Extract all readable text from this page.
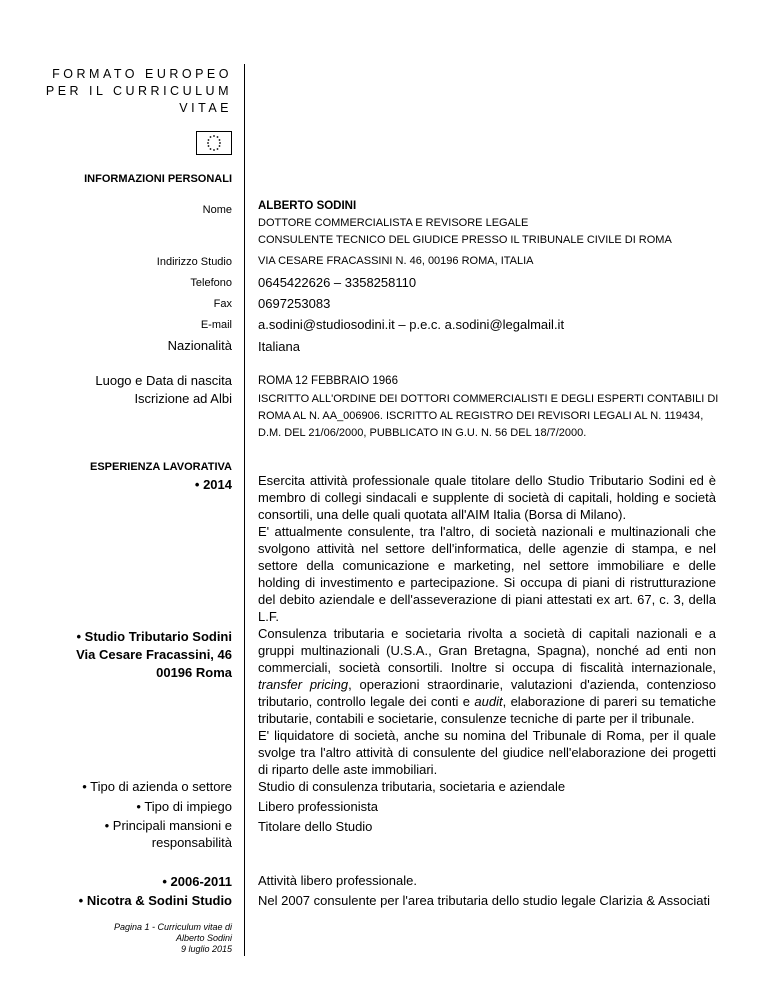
FORMATO EUROPEO
PER IL CURRICULUM
VITAE
INFORMAZIONI PERSONALI
Nome ALBERTO SODINI
DOTTORE COMMERCIALISTA E REVISORE LEGALE
CONSULENTE TECNICO DEL GIUDICE PRESSO IL TRIBUNALE CIVILE DI ROMA
Indirizzo Studio VIA CESARE FRACASSINI N. 46, 00196 ROMA, ITALIA
Telefono 0645422626 – 3358258110
Fax 0697253083
E-mail a.sodini@studiosodini.it – p.e.c. a.sodini@legalmail.it
Nazionalità Italiana
Luogo e Data di nascita ROMA 12 FEBBRAIO 1966
Iscrizione ad Albi ISCRITTO ALL'ORDINE DEI DOTTORI COMMERCIALISTI E DEGLI ESPERTI CONTABILI DI
ROMA AL N. AA_006906. ISCRITTO AL REGISTRO DEI REVISORI LEGALI AL N. 119434,
D.M. DEL 21/06/2000, PUBBLICATO IN G.U. N. 56 DEL 18/7/2000.
ESPERIENZA LAVORATIVA
• 2014 Esercita attività professionale quale titolare dello Studio Tributario Sodini ed è membro di collegi sindacali e supplente di società di capitali, holding e società consortili, una delle quali quotata all'AIM Italia (Borsa di Milano).
E' attualmente consulente, tra l'altro, di società nazionali e multinazionali che svolgono attività nel settore dell'informatica, delle agenzie di stampa, e nel settore della comunicazione e marketing, nel settore immobiliare e delle holding di investimento e partecipazione. Si occupa di piani di ristrutturazione del debito aziendale e dell'asseverazione di piani attestati ex art. 67, c. 3, della L.F.
• Studio Tributario Sodini
Via Cesare Fracassini, 46
00196 Roma
Consulenza tributaria e societaria rivolta a società di capitali nazionali e a gruppi multinazionali (U.S.A., Gran Bretagna, Spagna), nonché ad enti non commerciali, società consortili. Inoltre si occupa di fiscalità internazionale, transfer pricing, operazioni straordinarie, valutazioni d'azienda, contenzioso tributario, controllo legale dei conti e audit, elaborazione di pareri su tematiche tributarie, contabili e societarie, consulenze tecniche di parte per il tribunale.
E' liquidatore di società, anche su nomina del Tribunale di Roma, per il quale svolge tra l'altro attività di consulente del giudice nell'elaborazione dei progetti di riparto delle aste immobiliari.
• Tipo di azienda o settore Studio di consulenza tributaria, societaria e aziendale
• Tipo di impiego Libero professionista
• Principali mansioni e
responsabilità
Titolare dello Studio
• 2006-2011
• Nicotra & Sodini Studio
Attività libero professionale.
Nel 2007 consulente per l'area tributaria dello studio legale Clarizia & Associati
Pagina 1 - Curriculum vitae di
Alberto Sodini
9 luglio 2015
